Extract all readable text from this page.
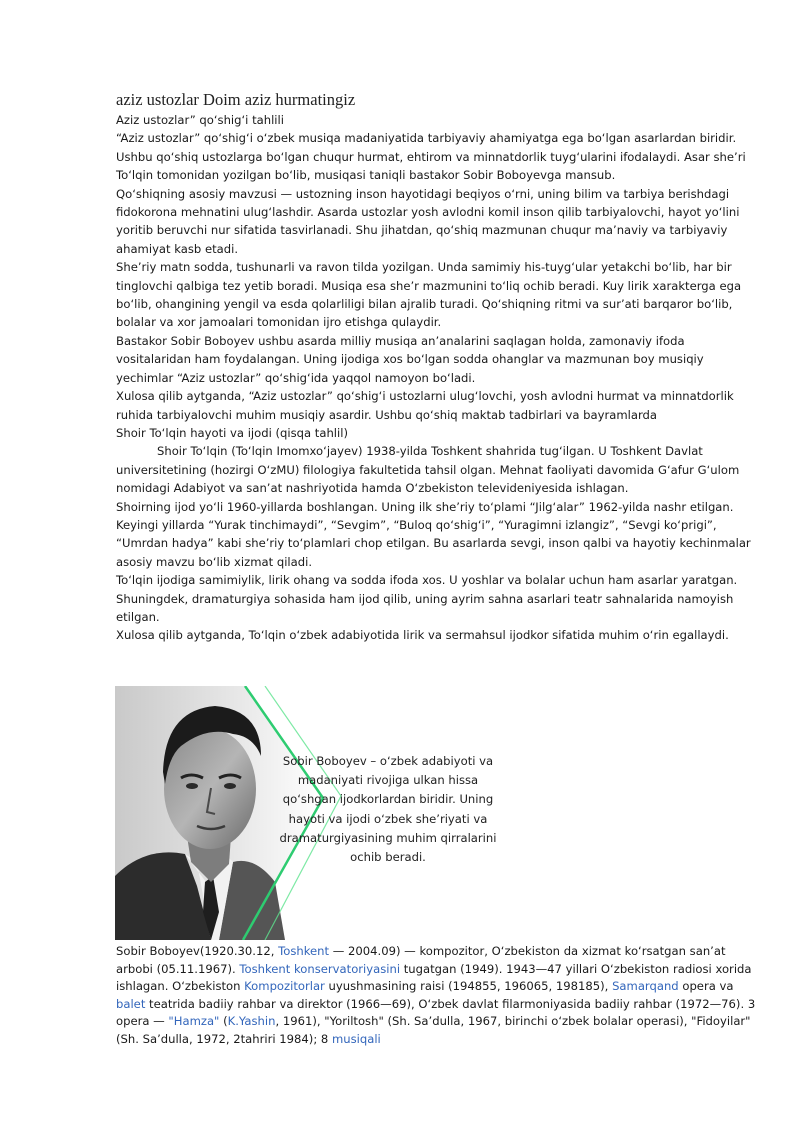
aziz ustozlar Doim aziz hurmatingiz

Aziz ustozlar” qo‘shig‘i tahlili

“Aziz ustozlar” qo‘shig‘i o‘zbek musiqa madaniyatida tarbiyaviy ahamiyatga ega bo‘lgan asarlardan biridir. Ushbu qo‘shiq ustozlarga bo‘lgan chuqur hurmat, ehtirom va minnatdorlik tuyg‘ularini ifodalaydi. Asar she’ri To‘lqin tomonidan yozilgan bo‘lib, musiqasi taniqli bastakor Sobir Boboyevga mansub.

Qo‘shiqning asosiy mavzusi — ustozning inson hayotidagi beqiyos o‘rni, uning bilim va tarbiya berishdagi fidokorona mehnatini ulug‘lashdir. Asarda ustozlar yosh avlodni komil inson qilib tarbiyalovchi, hayot yo‘lini yoritib beruvchi nur sifatida tasvirlanadi. Shu jihatdan, qo‘shiq mazmunan chuqur ma’naviy va tarbiyaviy ahamiyat kasb etadi.

She’riy matn sodda, tushunarli va ravon tilda yozilgan. Unda samimiy his-tuyg‘ular yetakchi bo‘lib, har bir tinglovchi qalbiga tez yetib boradi. Musiqa esa she’r mazmunini to‘liq ochib beradi. Kuy lirik xarakterga ega bo‘lib, ohangining yengil va esda qolarliligi bilan ajralib turadi. Qo‘shiqning ritmi va sur’ati barqaror bo‘lib, bolalar va xor jamoalari tomonidan ijro etishga qulaydir.

Bastakor Sobir Boboyev ushbu asarda milliy musiqa an’analarini saqlagan holda, zamonaviy ifoda vositalaridan ham foydalangan. Uning ijodiga xos bo‘lgan sodda ohanglar va mazmunan boy musiqiy yechimlar “Aziz ustozlar” qo‘shig‘ida yaqqol namoyon bo‘ladi.

Xulosa qilib aytganda, “Aziz ustozlar” qo‘shig‘i ustozlarni ulug‘lovchi, yosh avlodni hurmat va minnatdorlik ruhida tarbiyalovchi muhim musiqiy asardir. Ushbu qo‘shiq maktab tadbirlari va bayramlarda

Shoir To‘lqin hayoti va ijodi (qisqa tahlil)

Shoir To‘lqin (To‘lqin Imomxo‘jayev) 1938-yilda Toshkent shahrida tug‘ilgan. U Toshkent Davlat universitetining (hozirgi O‘zMU) filologiya fakultetida tahsil olgan. Mehnat faoliyati davomida G‘afur G‘ulom nomidagi Adabiyot va san’at nashriyotida hamda O‘zbekiston televideniyesida ishlagan.

Shoirning ijod yo‘li 1960-yillarda boshlangan. Uning ilk she’riy to‘plami “Jilg‘alar” 1962-yilda nashr etilgan. Keyingi yillarda “Yurak tinchimaydi”, “Sevgim”, “Buloq qo‘shig‘i”, “Yuragimni izlangiz”, “Sevgi ko‘prigi”, “Umrdan hadya” kabi she’riy to‘plamlari chop etilgan. Bu asarlarda sevgi, inson qalbi va hayotiy kechinmalar asosiy mavzu bo‘lib xizmat qiladi.

To‘lqin ijodiga samimiylik, lirik ohang va sodda ifoda xos. U yoshlar va bolalar uchun ham asarlar yaratgan. Shuningdek, dramaturgiya sohasida ham ijod qilib, uning ayrim sahna asarlari teatr sahnalarida namoyish etilgan.

Xulosa qilib aytganda, To‘lqin o‘zbek adabiyotida lirik va sermahsul ijodkor sifatida muhim o‘rin egallaydi.

Sobir Boboyev – o‘zbek adabiyoti va madaniyati rivojiga ulkan hissa qo‘shgan ijodkorlardan biridir. Uning hayoti va ijodi o‘zbek she’riyati va dramaturgiyasining muhim qirralarini ochib beradi.

Sobir Boboyev(1920.30.12, Toshkent — 2004.09) — kompozitor, O‘zbekiston da xizmat ko‘rsatgan san’at arbobi (05.11.1967). Toshkent konservatoriyasini tugatgan (1949). 1943—47 yillari O‘zbekiston radiosi xorida ishlagan. O‘zbekiston Kompozitorlar uyushmasining raisi (194855, 196065, 198185), Samarqand opera va balet teatrida badiiy rahbar va direktor (1966—69), O‘zbek davlat filarmoniyasida badiiy rahbar (1972—76). 3 opera — "Hamza" (K.Yashin, 1961), "Yoriltosh" (Sh. Sa’dulla, 1967, birinchi o‘zbek bolalar operasi), "Fidoyilar" (Sh. Sa’dulla, 1972, 2tahriri 1984); 8 musiqali
